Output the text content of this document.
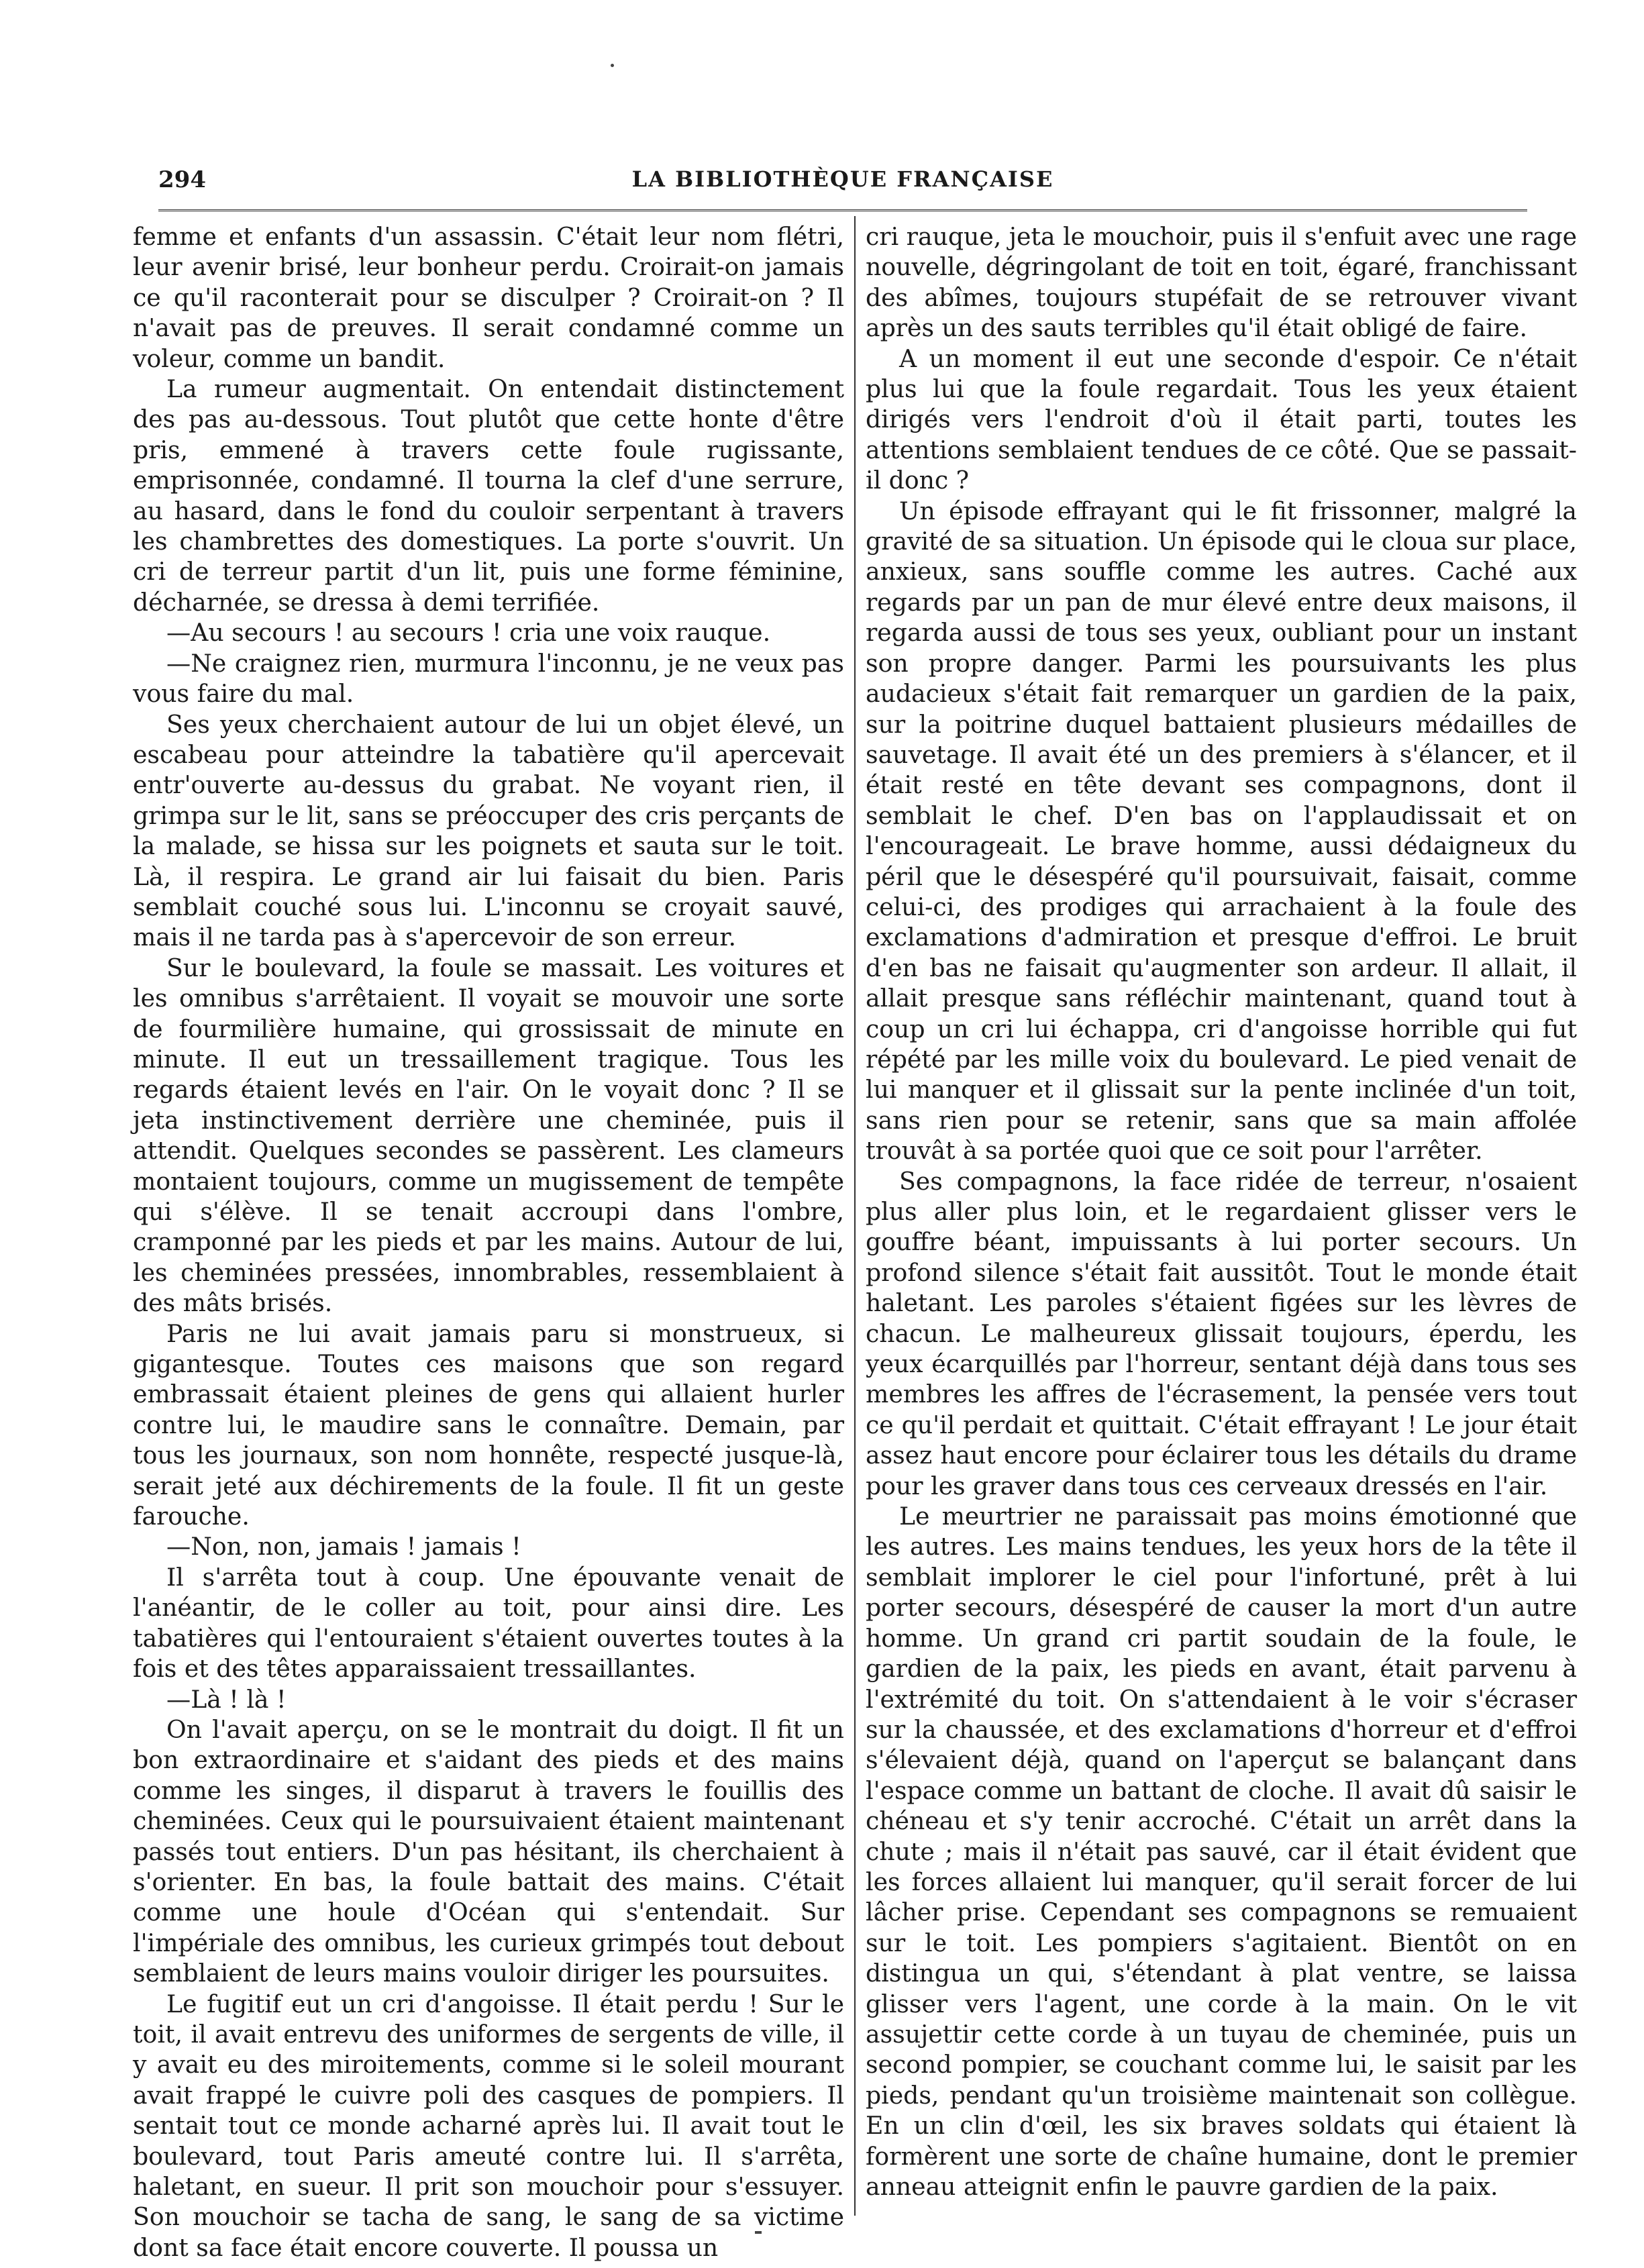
294	LA BIBLIOTHÈQUE FRANÇAISE

femme et enfants d'un assassin. C'était leur nom flétri, leur avenir brisé, leur bonheur perdu. Croirait-on jamais ce qu'il raconterait pour se disculper ? Croirait-on ? Il n'avait pas de preuves. Il serait condamné comme un voleur, comme un bandit.

La rumeur augmentait. On entendait distinctement des pas au-dessous. Tout plutôt que cette honte d'être pris, emmené à travers cette foule rugissante, emprisonnée, condamné. Il tourna la clef d'une serrure, au hasard, dans le fond du couloir serpentant à travers les chambrettes des domestiques. La porte s'ouvrit. Un cri de terreur partit d'un lit, puis une forme féminine, décharnée, se dressa à demi terrifiée.

—Au secours ! au secours ! cria une voix rauque.

—Ne craignez rien, murmura l'inconnu, je ne veux pas vous faire du mal.

Ses yeux cherchaient autour de lui un objet élevé, un escabeau pour atteindre la tabatière qu'il apercevait entr'ouverte au-dessus du grabat. Ne voyant rien, il grimpa sur le lit, sans se préoccuper des cris perçants de la malade, se hissa sur les poignets et sauta sur le toit. Là, il respira. Le grand air lui faisait du bien. Paris semblait couché sous lui. L'inconnu se croyait sauvé, mais il ne tarda pas à s'apercevoir de son erreur.

Sur le boulevard, la foule se massait. Les voitures et les omnibus s'arrêtaient. Il voyait se mouvoir une sorte de fourmilière humaine, qui grossissait de minute en minute. Il eut un tressaillement tragique. Tous les regards étaient levés en l'air. On le voyait donc ? Il se jeta instinctivement derrière une cheminée, puis il attendit. Quelques secondes se passèrent. Les clameurs montaient toujours, comme un mugissement de tempête qui s'élève. Il se tenait accroupi dans l'ombre, cramponné par les pieds et par les mains. Autour de lui, les cheminées pressées, innombrables, ressemblaient à des mâts brisés.

Paris ne lui avait jamais paru si monstrueux, si gigantesque. Toutes ces maisons que son regard embrassait étaient pleines de gens qui allaient hurler contre lui, le maudire sans le connaître. Demain, par tous les journaux, son nom honnête, respecté jusque-là, serait jeté aux déchirements de la foule. Il fit un geste farouche.

—Non, non, jamais ! jamais !

Il s'arrêta tout à coup. Une épouvante venait de l'anéantir, de le coller au toit, pour ainsi dire. Les tabatières qui l'entouraient s'étaient ouvertes toutes à la fois et des têtes apparaissaient tressaillantes.

—Là ! là !

On l'avait aperçu, on se le montrait du doigt. Il fit un bon extraordinaire et s'aidant des pieds et des mains comme les singes, il disparut à travers le fouillis des cheminées. Ceux qui le poursuivaient étaient maintenant passés tout entiers. D'un pas hésitant, ils cherchaient à s'orienter. En bas, la foule battait des mains. C'était comme une houle d'Océan qui s'entendait. Sur l'impériale des omnibus, les curieux grimpés tout debout semblaient de leurs mains vouloir diriger les poursuites.

Le fugitif eut un cri d'angoisse. Il était perdu ! Sur le toit, il avait entrevu des uniformes de sergents de ville, il y avait eu des miroitements, comme si le soleil mourant avait frappé le cuivre poli des casques de pompiers. Il sentait tout ce monde acharné après lui. Il avait tout le boulevard, tout Paris ameuté contre lui. Il s'arrêta, haletant, en sueur. Il prit son mouchoir pour s'essuyer. Son mouchoir se tacha de sang, le sang de sa victime dont sa face était encore couverte. Il poussa un

cri rauque, jeta le mouchoir, puis il s'enfuit avec une rage nouvelle, dégringolant de toit en toit, égaré, franchissant des abîmes, toujours stupéfait de se retrouver vivant après un des sauts terribles qu'il était obligé de faire.

A un moment il eut une seconde d'espoir. Ce n'était plus lui que la foule regardait. Tous les yeux étaient dirigés vers l'endroit d'où il était parti, toutes les attentions semblaient tendues de ce côté. Que se passait-il donc ?

Un épisode effrayant qui le fit frissonner, malgré la gravité de sa situation. Un épisode qui le cloua sur place, anxieux, sans souffle comme les autres. Caché aux regards par un pan de mur élevé entre deux maisons, il regarda aussi de tous ses yeux, oubliant pour un instant son propre danger. Parmi les poursuivants les plus audacieux s'était fait remarquer un gardien de la paix, sur la poitrine duquel battaient plusieurs médailles de sauvetage. Il avait été un des premiers à s'élancer, et il était resté en tête devant ses compagnons, dont il semblait le chef. D'en bas on l'applaudissait et on l'encourageait. Le brave homme, aussi dédaigneux du péril que le désespéré qu'il poursuivait, faisait, comme celui-ci, des prodiges qui arrachaient à la foule des exclamations d'admiration et presque d'effroi. Le bruit d'en bas ne faisait qu'augmenter son ardeur. Il allait, il allait presque sans réfléchir maintenant, quand tout à coup un cri lui échappa, cri d'angoisse horrible qui fut répété par les mille voix du boulevard. Le pied venait de lui manquer et il glissait sur la pente inclinée d'un toit, sans rien pour se retenir, sans que sa main affolée trouvât à sa portée quoi que ce soit pour l'arrêter.

Ses compagnons, la face ridée de terreur, n'osaient plus aller plus loin, et le regardaient glisser vers le gouffre béant, impuissants à lui porter secours. Un profond silence s'était fait aussitôt. Tout le monde était haletant. Les paroles s'étaient figées sur les lèvres de chacun. Le malheureux glissait toujours, éperdu, les yeux écarquillés par l'horreur, sentant déjà dans tous ses membres les affres de l'écrasement, la pensée vers tout ce qu'il perdait et quittait. C'était effrayant ! Le jour était assez haut encore pour éclairer tous les détails du drame pour les graver dans tous ces cerveaux dressés en l'air.

Le meurtrier ne paraissait pas moins émotionné que les autres. Les mains tendues, les yeux hors de la tête il semblait implorer le ciel pour l'infortuné, prêt à lui porter secours, désespéré de causer la mort d'un autre homme. Un grand cri partit soudain de la foule, le gardien de la paix, les pieds en avant, était parvenu à l'extrémité du toit. On s'attendaient à le voir s'écraser sur la chaussée, et des exclamations d'horreur et d'effroi s'élevaient déjà, quand on l'aperçut se balançant dans l'espace comme un battant de cloche. Il avait dû saisir le chéneau et s'y tenir accroché. C'était un arrêt dans la chute ; mais il n'était pas sauvé, car il était évident que les forces allaient lui manquer, qu'il serait forcer de lui lâcher prise. Cependant ses compagnons se remuaient sur le toit. Les pompiers s'agitaient. Bientôt on en distingua un qui, s'étendant à plat ventre, se laissa glisser vers l'agent, une corde à la main. On le vit assujettir cette corde à un tuyau de cheminée, puis un second pompier, se couchant comme lui, le saisit par les pieds, pendant qu'un troisième maintenait son collègue. En un clin d'œil, les six braves soldats qui étaient là formèrent une sorte de chaîne humaine, dont le premier anneau atteignit enfin le pauvre gardien de la paix.
